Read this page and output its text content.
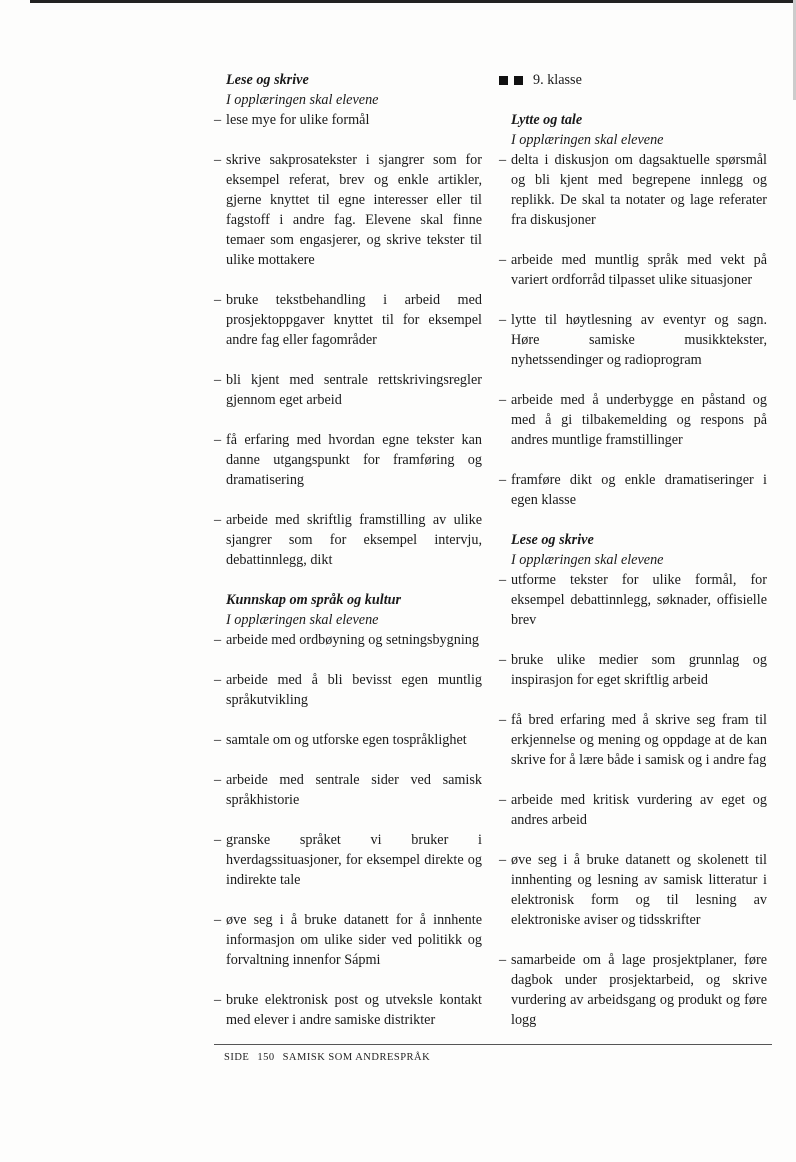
Lese og skrive
I opplæringen skal elevene
– lese mye for ulike formål
– skrive sakprosatekster i sjangrer som for eksempel referat, brev og enkle artikler, gjerne knyttet til egne interesser eller til fagstoff i andre fag. Elevene skal finne temaer som engasjerer, og skrive tekster til ulike mottakere
– bruke tekstbehandling i arbeid med prosjektoppgaver knyttet til for eksempel andre fag eller fagområder
– bli kjent med sentrale rettskrivingsregler gjennom eget arbeid
– få erfaring med hvordan egne tekster kan danne utgangspunkt for framføring og dramatisering
– arbeide med skriftlig framstilling av ulike sjangrer som for eksempel intervju, debattinnlegg, dikt
Kunnskap om språk og kultur
I opplæringen skal elevene
– arbeide med ordbøyning og setningsbygning
– arbeide med å bli bevisst egen muntlig språkutvikling
– samtale om og utforske egen tospråklighet
– arbeide med sentrale sider ved samisk språkhistorie
– granske språket vi bruker i hverdagssituasjoner, for eksempel direkte og indirekte tale
– øve seg i å bruke datanett for å innhente informasjon om ulike sider ved politikk og forvaltning innenfor Sápmi
– bruke elektronisk post og utveksle kontakt med elever i andre samiske distrikter
9. klasse
Lytte og tale
I opplæringen skal elevene
– delta i diskusjon om dagsaktuelle spørsmål og bli kjent med begrepene innlegg og replikk. De skal ta notater og lage referater fra diskusjoner
– arbeide med muntlig språk med vekt på variert ordforråd tilpasset ulike situasjoner
– lytte til høytlesning av eventyr og sagn. Høre samiske musikktekster, nyhetssendinger og radioprogram
– arbeide med å underbygge en påstand og med å gi tilbakemelding og respons på andres muntlige framstillinger
– framføre dikt og enkle dramatiseringer i egen klasse
Lese og skrive
I opplæringen skal elevene
– utforme tekster for ulike formål, for eksempel debattinnlegg, søknader, offisielle brev
– bruke ulike medier som grunnlag og inspirasjon for eget skriftlig arbeid
– få bred erfaring med å skrive seg fram til erkjennelse og mening og oppdage at de kan skrive for å lære både i samisk og i andre fag
– arbeide med kritisk vurdering av eget og andres arbeid
– øve seg i å bruke datanett og skolenett til innhenting og lesning av samisk litteratur i elektronisk form og til lesning av elektroniske aviser og tidsskrifter
– samarbeide om å lage prosjektplaner, føre dagbok under prosjektarbeid, og skrive vurdering av arbeidsgang og produkt og føre logg
SIDE 150 SAMISK SOM ANDRESPRÅK
